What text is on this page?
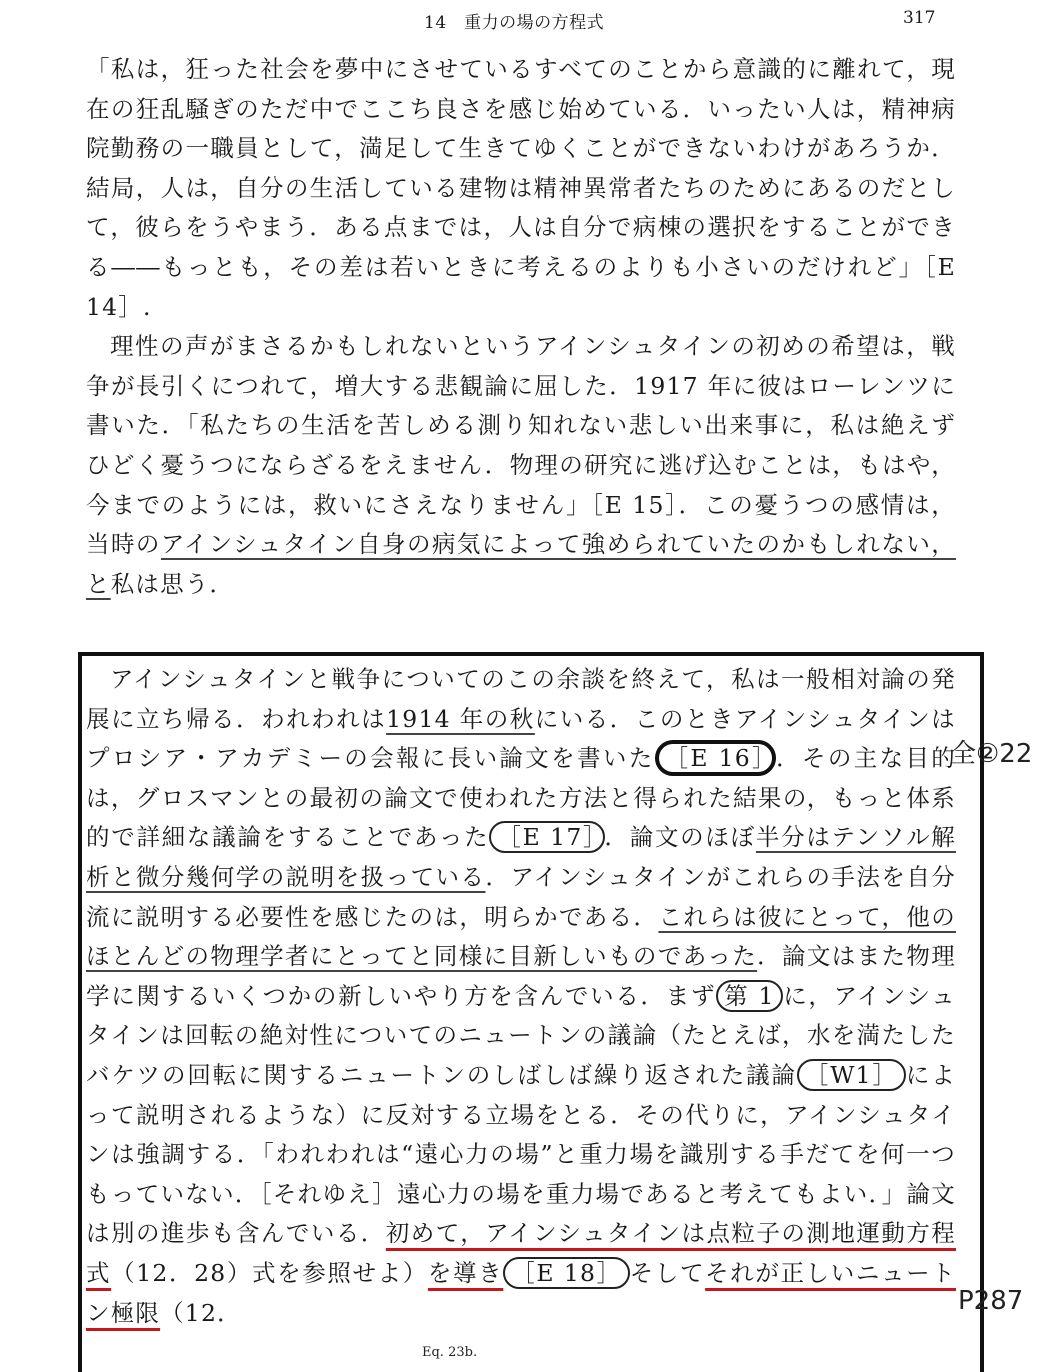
14　重力の場の方程式	317

「私は，狂った社会を夢中にさせているすべてのことから意識的に離れて，現在の狂乱騒ぎのただ中でここち良さを感じ始めている．いったい人は，精神病院勤務の一職員として，満足して生きてゆくことができないわけがあろうか．結局，人は，自分の生活している建物は精神異常者たちのためにあるのだとして，彼らをうやまう．ある点までは，人は自分で病棟の選択をすることができる――もっとも，その差は若いときに考えるのよりも小さいのだけれど」［E 14］.

理性の声がまさるかもしれないというアインシュタインの初めの希望は，戦争が長引くにつれて，増大する悲観論に屈した．1917 年に彼はローレンツに書いた．「私たちの生活を苦しめる測り知れない悲しい出来事に，私は絶えずひどく憂うつにならざるをえません．物理の研究に逃げ込むことは，もはや，今までのようには，救いにさえなりません」［E 15］．この憂うつの感情は，当時のアインシュタイン自身の病気によって強められていたのかもしれない，と私は思う．

アインシュタインと戦争についてのこの余談を終えて，私は一般相対論の発展に立ち帰る．われわれは1914 年の秋にいる．このときアインシュタインはプロシア・アカデミーの会報に長い論文を書いた ［E 16］ ．その主な目的は，グロスマンとの最初の論文で使われた方法と得られた結果の，もっと体系的で詳細な議論をすることであった ［E 17］ ．論文のほぼ半分はテンソル解析と微分幾何学の説明を扱っている．アインシュタインがこれらの手法を自分流に説明する必要性を感じたのは，明らかである．これらは彼にとって，他のほとんどの物理学者にとってと同様に目新しいものであった．論文はまた物理学に関するいくつかの新しいやり方を含んでいる．まず 第 1 に，アインシュタインは回転の絶対性についてのニュートンの議論（たとえば，水を満たしたバケツの回転に関するニュートンのしばしば繰り返された議論 ［W1］ によって説明されるような）に反対する立場をとる．その代りに，アインシュタインは強調する．「われわれは“遠心力の場”と重力場を識別する手だてを何一つもっていない．［それゆえ］遠心力の場を重力場であると考えてもよい．」論文は別の進歩も含んでいる．初めて，アインシュタインは点粒子の測地運動方程式（12．28）式を参照せよ）を導き ［E 18］ そしてそれが正しいニュートン極限（12．

全②22
P287
Eq. 23b.
